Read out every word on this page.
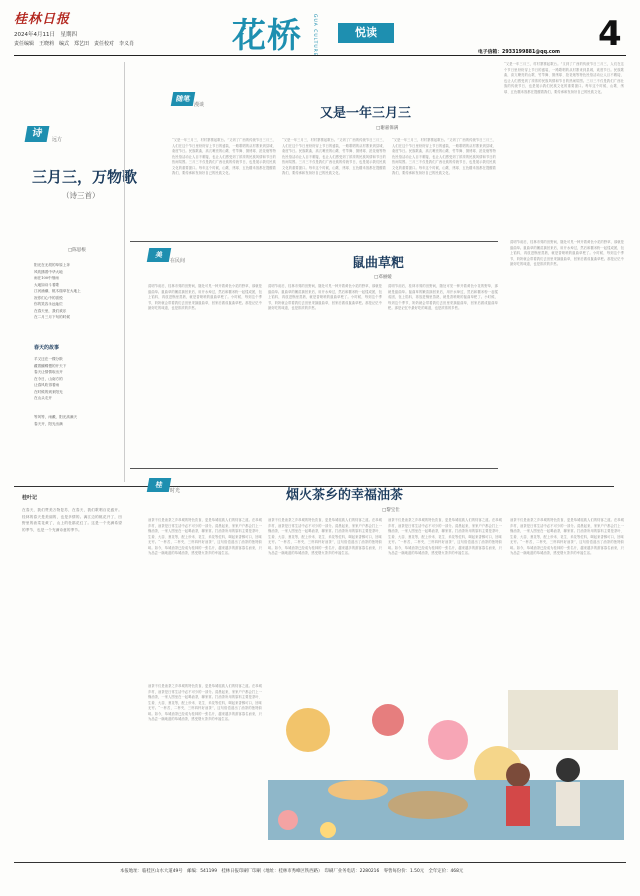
桂林日报
2024年4月11日　星期四
责任编辑　王晓莉　编式　郑艺田　责任校对　李义肖	花桥 GUA CULTURE	悦读	4
电子信箱：2933199881@qq.com
诗
远方
三月三，万物歌
（诗三首）
□陈思根
阳光在无垠的草原上奔
风吹拂着中华大地
雨在100中细雨
大地如诗斗着歌
江河涌潮，桃木瑞草在大地上
祝你们心中的喜悦
你的笑容永远灿烂
在春天里，我们欢乐
在二月三月下旬的时候
春天的故事
羊又还在一棵分散
藏着蝴蝶慢的开天下
春天让情情取出开
在今日，山南方的
让春风吹得着雨
在时候的到来阳光
在山头走开
等风等，雨戴，阳光高满天
春天开，阳光出满
桂叶记
在春天，我们赞美万物复苏，在春天，我们歌唱百花盛开。桂林的春天是美丽的，也是多情的。漓江边的桃花开了，田野里的油菜花黄了，山上的杜鹃花红了。这是一个充满希望的季节，也是一个充满诗意的季节。
随笔
漫谈
又是一年三月三
□谢嘉保满
“又是一年三月三，村村寨寨起歌台。”又到了广西的传统节日三月三，人们在这个节日里纷纷穿上节日的盛装，一路歌唱的从村寨来到县城，欢度节日。民族歌曲，高亢嘹亮的山歌、竹竿舞、抛绣球、抢花炮等特色民俗活动让人目不暇接，也让人们感受到了浓浓的民族风情和节日的热闹氛围。三月三不仅是我们广西壮族的传统节日，也是展示我们民族文化的重要窗口。每年这个时候，山歌、绣球、五色糯米饭都在提醒着我们，要传承和发扬好自己的民族文化。
“又是一年三月三，村村寨寨起歌台。”又到了广西的传统节日三月三，人们在这个节日里纷纷穿上节日的盛装，一路歌唱的从村寨来到县城，欢度节日。民族歌曲，高亢嘹亮的山歌、竹竿舞、抛绣球、抢花炮等特色民俗活动让人目不暇接，也让人们感受到了浓浓的民族风情和节日的热闹氛围。三月三不仅是我们广西壮族的传统节日，也是展示我们民族文化的重要窗口。每年这个时候，山歌、绣球、五色糯米饭都在提醒着我们，要传承和发扬好自己的民族文化。
“又是一年三月三，村村寨寨起歌台。”又到了广西的传统节日三月三，人们在这个节日里纷纷穿上节日的盛装，一路歌唱的从村寨来到县城，欢度节日。民族歌曲，高亢嘹亮的山歌、竹竿舞、抛绣球、抢花炮等特色民俗活动让人目不暇接，也让人们感受到了浓浓的民族风情和节日的热闹氛围。三月三不仅是我们广西壮族的传统节日，也是展示我们民族文化的重要窗口。每年这个时候，山歌、绣球、五色糯米饭都在提醒着我们，要传承和发扬好自己的民族文化。
“又是一年三月三，村村寨寨起歌台。”又到了广西的传统节日三月三，人们在这个节日里纷纷穿上节日的盛装，一路歌唱的从村寨来到县城，欢度节日。民族歌曲，高亢嘹亮的山歌、竹竿舞、抛绣球、抢花炮等特色民俗活动让人目不暇接，也让人们感受到了浓浓的民族风情和节日的热闹氛围。三月三不仅是我们广西壮族的传统节日，也是展示我们民族文化的重要窗口。每年这个时候，山歌、绣球、五色糯米饭都在提醒着我们，要传承和发扬好自己的民族文化。
美
在民间	鼠曲草粑
□邓丽媛
清明节前后，桂林市郊的田野间，随处可见一种开着黄色小花的野草，那就是鼠曲草。鼠曲草的嫩苗摘回来后，用开水焯过，然后和糯米粉一起揉成团，包上馅料，再放进锅里蒸熟，就是香喷喷的鼠曲草粑了。小时候，每到这个季节，奶奶就会带着我们去田里采摘鼠曲草，回家后做成鼠曲草粑。那是记忆中最好吃的味道，也是浓浓的乡愁。
清明节前后，桂林市郊的田野间，随处可见一种开着黄色小花的野草，那就是鼠曲草。鼠曲草的嫩苗摘回来后，用开水焯过，然后和糯米粉一起揉成团，包上馅料，再放进锅里蒸熟，就是香喷喷的鼠曲草粑了。小时候，每到这个季节，奶奶就会带着我们去田里采摘鼠曲草，回家后做成鼠曲草粑。那是记忆中最好吃的味道，也是浓浓的乡愁。
清明节前后，桂林市郊的田野间，随处可见一种开着黄色小花的野草，那就是鼠曲草。鼠曲草的嫩苗摘回来后，用开水焯过，然后和糯米粉一起揉成团，包上馅料，再放进锅里蒸熟，就是香喷喷的鼠曲草粑了。小时候，每到这个季节，奶奶就会带着我们去田里采摘鼠曲草，回家后做成鼠曲草粑。那是记忆中最好吃的味道，也是浓浓的乡愁。
清明节前后，桂林市郊的田野间，随处可见一种开着黄色小花的野草，那就是鼠曲草。鼠曲草的嫩苗摘回来后，用开水焯过，然后和糯米粉一起揉成团，包上馅料，再放进锅里蒸熟，就是香喷喷的鼠曲草粑了。小时候，每到这个季节，奶奶就会带着我们去田里采摘鼠曲草，回家后做成鼠曲草粑。那是记忆中最好吃的味道，也是浓浓的乡愁。
桂
时光	烟火茶乡的幸福油茶
□黎宝仕
油茶不仅是油茶之乡恭城的特色饮食，更是恭城瑶族人们的待客之道。在恭城乡村，油茶是日常生活中必不可少的一部分。清晨起来，家家户户都会打上一锅油茶，一家人围坐在一起喝油茶，聊家常。打油茶所用的原料主要是茶叶、生姜、大蒜、葱花等，配上炒米、花生、米花等佐料，喝起来香醇可口，回味无穷。“一杯苦，二杯夹，三杯四杯好油茶”，这句俗语道出了油茶的独特韵味。如今，恭城油茶已经成为桂林的一张名片，越来越多的游客慕名而来，只为品尝一碗地道的恭城油茶，感受烟火茶乡的幸福生活。
油茶不仅是油茶之乡恭城的特色饮食，更是恭城瑶族人们的待客之道。在恭城乡村，油茶是日常生活中必不可少的一部分。清晨起来，家家户户都会打上一锅油茶，一家人围坐在一起喝油茶，聊家常。打油茶所用的原料主要是茶叶、生姜、大蒜、葱花等，配上炒米、花生、米花等佐料，喝起来香醇可口，回味无穷。“一杯苦，二杯夹，三杯四杯好油茶”，这句俗语道出了油茶的独特韵味。如今，恭城油茶已经成为桂林的一张名片，越来越多的游客慕名而来，只为品尝一碗地道的恭城油茶，感受烟火茶乡的幸福生活。
油茶不仅是油茶之乡恭城的特色饮食，更是恭城瑶族人们的待客之道。在恭城乡村，油茶是日常生活中必不可少的一部分。清晨起来，家家户户都会打上一锅油茶，一家人围坐在一起喝油茶，聊家常。打油茶所用的原料主要是茶叶、生姜、大蒜、葱花等，配上炒米、花生、米花等佐料，喝起来香醇可口，回味无穷。“一杯苦，二杯夹，三杯四杯好油茶”，这句俗语道出了油茶的独特韵味。如今，恭城油茶已经成为桂林的一张名片，越来越多的游客慕名而来，只为品尝一碗地道的恭城油茶，感受烟火茶乡的幸福生活。
油茶不仅是油茶之乡恭城的特色饮食，更是恭城瑶族人们的待客之道。在恭城乡村，油茶是日常生活中必不可少的一部分。清晨起来，家家户户都会打上一锅油茶，一家人围坐在一起喝油茶，聊家常。打油茶所用的原料主要是茶叶、生姜、大蒜、葱花等，配上炒米、花生、米花等佐料，喝起来香醇可口，回味无穷。“一杯苦，二杯夹，三杯四杯好油茶”，这句俗语道出了油茶的独特韵味。如今，恭城油茶已经成为桂林的一张名片，越来越多的游客慕名而来，只为品尝一碗地道的恭城油茶，感受烟火茶乡的幸福生活。
油茶不仅是油茶之乡恭城的特色饮食，更是恭城瑶族人们的待客之道。在恭城乡村，油茶是日常生活中必不可少的一部分。清晨起来，家家户户都会打上一锅油茶，一家人围坐在一起喝油茶，聊家常。打油茶所用的原料主要是茶叶、生姜、大蒜、葱花等，配上炒米、花生、米花等佐料，喝起来香醇可口，回味无穷。“一杯苦，二杯夹，三杯四杯好油茶”，这句俗语道出了油茶的独特韵味。如今，恭城油茶已经成为桂林的一张名片，越来越多的游客慕名而来，只为品尝一碗地道的恭城油茶，感受烟火茶乡的幸福生活。
本报地址：临桂区山水大道49号　邮编：541199　桂林日报印刷厂印刷（地址：桂林市秀峰区铁西路）　印刷厂业务电话：2280216　零售每份价：1.50元　全年定价：468元
